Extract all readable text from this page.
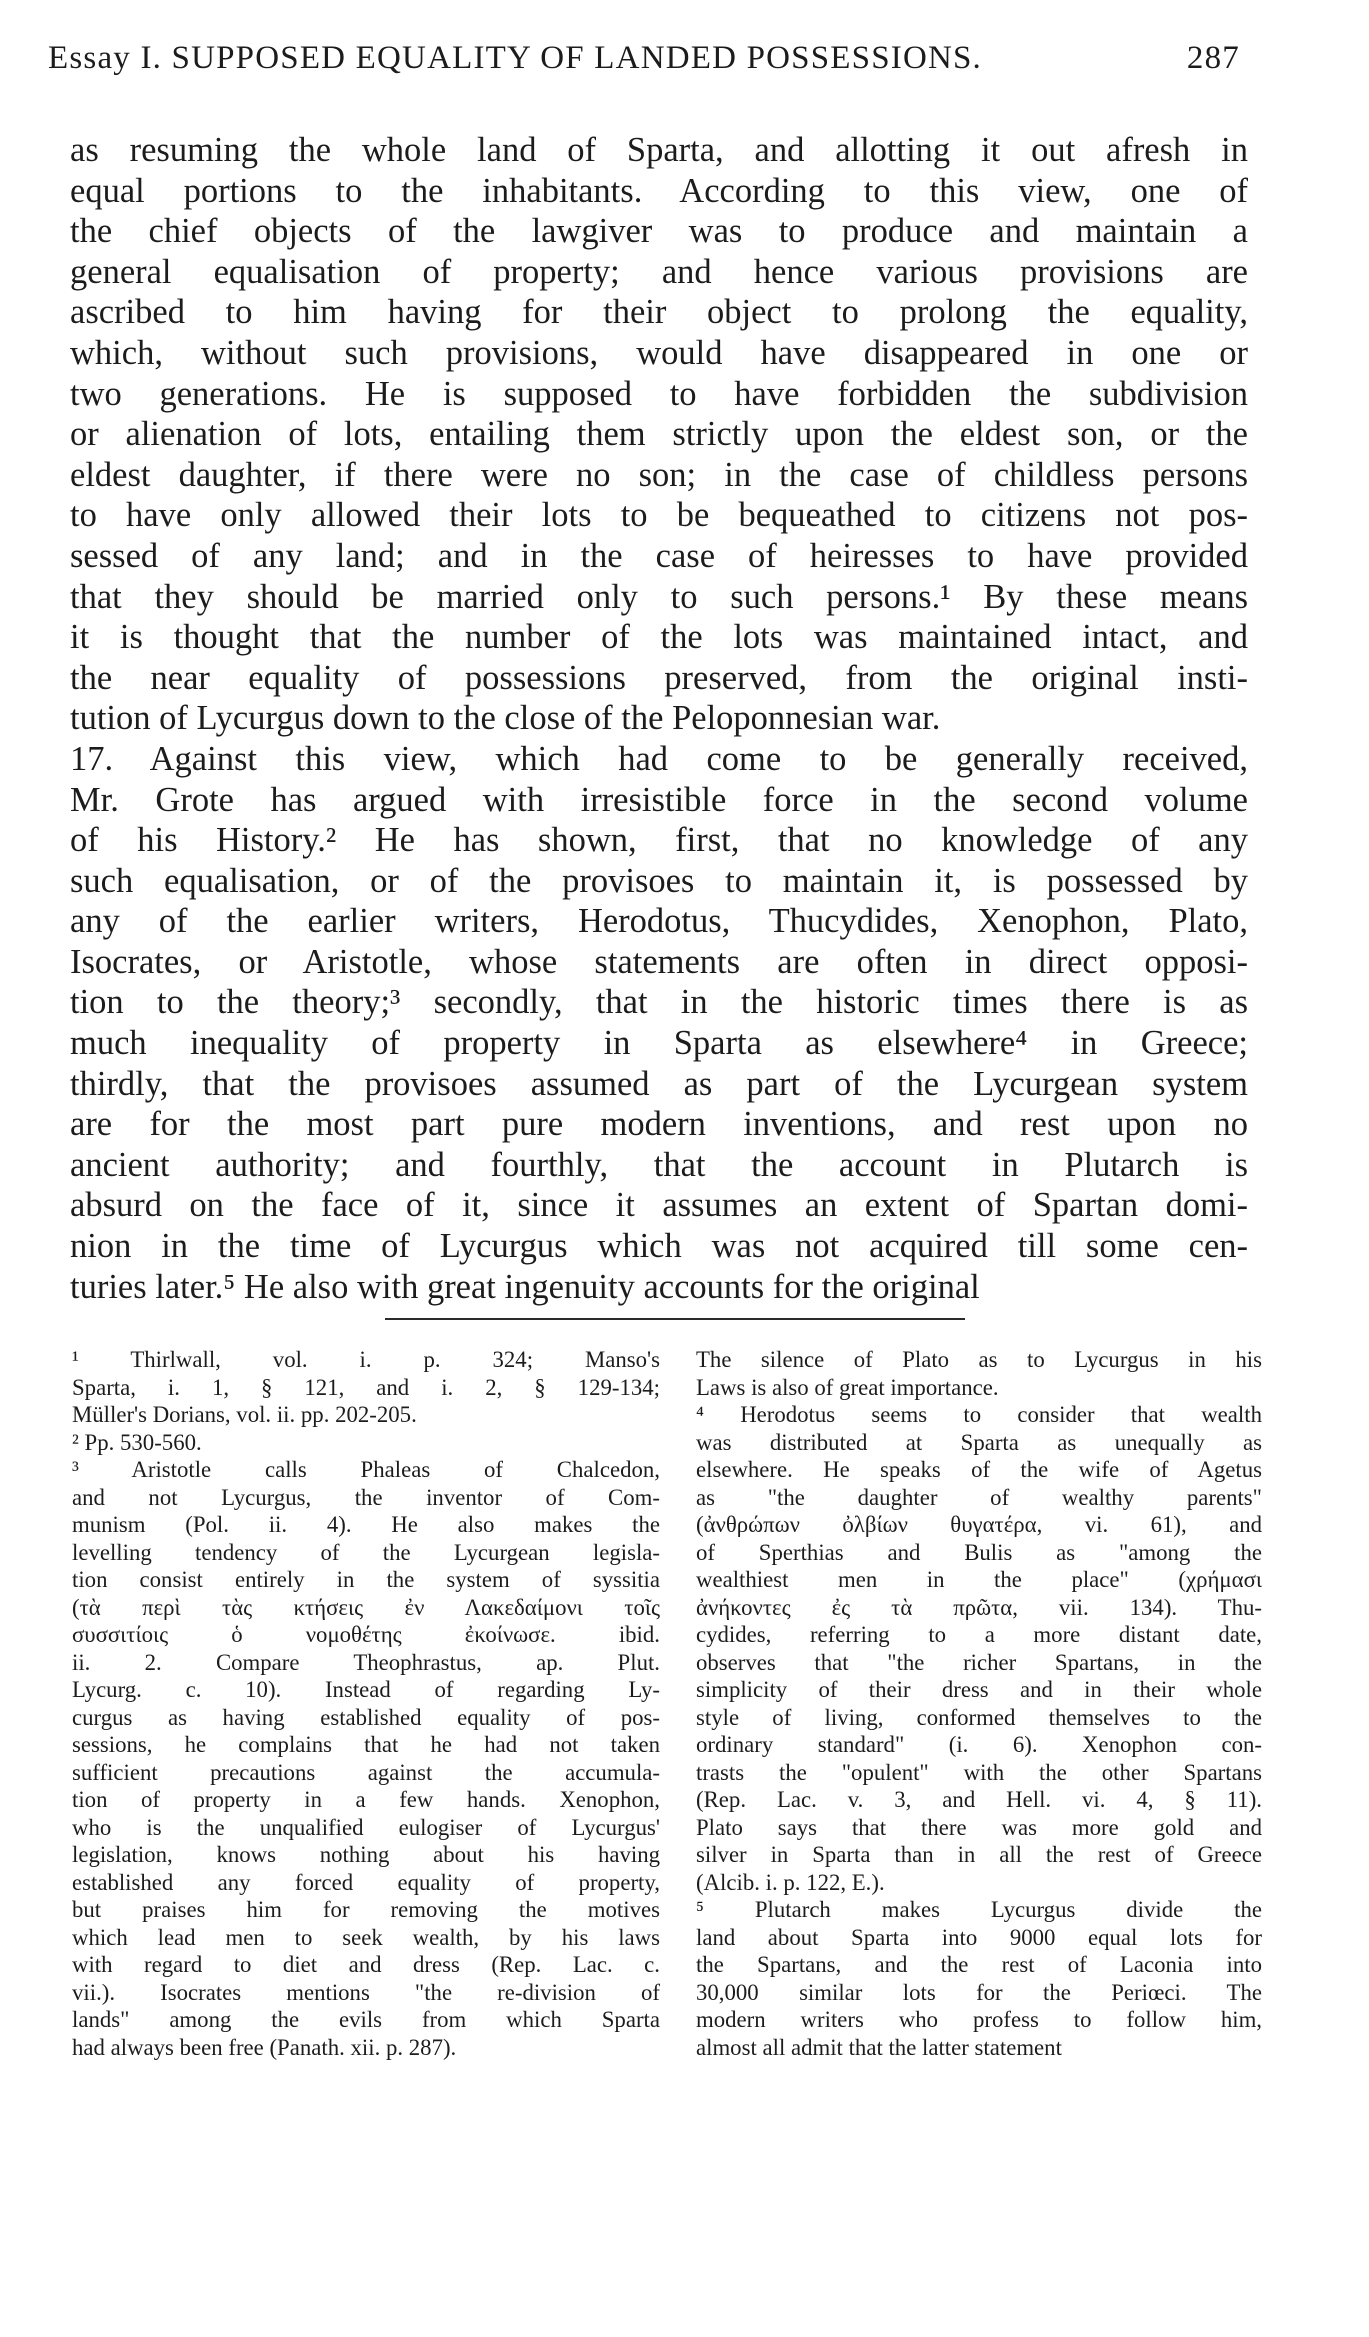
Essay I. SUPPOSED EQUALITY OF LANDED POSSESSIONS.	287
as resuming the whole land of Sparta, and allotting it out afresh in
equal portions to the inhabitants. According to this view, one of
the chief objects of the lawgiver was to produce and maintain a
general equalisation of property; and hence various provisions are
ascribed to him having for their object to prolong the equality,
which, without such provisions, would have disappeared in one or
two generations. He is supposed to have forbidden the subdivision
or alienation of lots, entailing them strictly upon the eldest son, or the
eldest daughter, if there were no son; in the case of childless persons
to have only allowed their lots to be bequeathed to citizens not pos-
sessed of any land; and in the case of heiresses to have provided
that they should be married only to such persons.¹ By these means
it is thought that the number of the lots was maintained intact, and
the near equality of possessions preserved, from the original insti-
tution of Lycurgus down to the close of the Peloponnesian war.
17. Against this view, which had come to be generally received,
Mr. Grote has argued with irresistible force in the second volume
of his History.² He has shown, first, that no knowledge of any
such equalisation, or of the provisoes to maintain it, is possessed by
any of the earlier writers, Herodotus, Thucydides, Xenophon, Plato,
Isocrates, or Aristotle, whose statements are often in direct opposi-
tion to the theory;³ secondly, that in the historic times there is as
much inequality of property in Sparta as elsewhere⁴ in Greece;
thirdly, that the provisoes assumed as part of the Lycurgean system
are for the most part pure modern inventions, and rest upon no
ancient authority; and fourthly, that the account in Plutarch is
absurd on the face of it, since it assumes an extent of Spartan domi-
nion in the time of Lycurgus which was not acquired till some cen-
turies later.⁵ He also with great ingenuity accounts for the original
¹ Thirlwall, vol. i. p. 324; Manso's
Sparta, i. 1, § 121, and i. 2, § 129-134;
Müller's Dorians, vol. ii. pp. 202-205.
² Pp. 530-560.
³ Aristotle calls Phaleas of Chalcedon,
and not Lycurgus, the inventor of Com-
munism (Pol. ii. 4). He also makes the
levelling tendency of the Lycurgean legisla-
tion consist entirely in the system of syssitia
(τὰ περὶ τὰς κτήσεις ἐν Λακεδαίμονι τοῖς
συσσιτίοις ὁ νομοθέτης ἐκοίνωσε. ibid.
ii. 2. Compare Theophrastus, ap. Plut.
Lycurg. c. 10). Instead of regarding Ly-
curgus as having established equality of pos-
sessions, he complains that he had not taken
sufficient precautions against the accumula-
tion of property in a few hands. Xenophon,
who is the unqualified eulogiser of Lycurgus'
legislation, knows nothing about his having
established any forced equality of property,
but praises him for removing the motives
which lead men to seek wealth, by his laws
with regard to diet and dress (Rep. Lac. c.
vii.). Isocrates mentions "the re-division of
lands" among the evils from which Sparta
had always been free (Panath. xii. p. 287).
The silence of Plato as to Lycurgus in his
Laws is also of great importance.
⁴ Herodotus seems to consider that wealth
was distributed at Sparta as unequally as
elsewhere. He speaks of the wife of Agetus
as "the daughter of wealthy parents"
(ἀνθρώπων ὀλβίων θυγατέρα, vi. 61), and
of Sperthias and Bulis as "among the
wealthiest men in the place" (χρήμασι
ἀνήκοντες ἐς τὰ πρῶτα, vii. 134). Thu-
cydides, referring to a more distant date,
observes that "the richer Spartans, in the
simplicity of their dress and in their whole
style of living, conformed themselves to the
ordinary standard" (i. 6). Xenophon con-
trasts the "opulent" with the other Spartans
(Rep. Lac. v. 3, and Hell. vi. 4, § 11).
Plato says that there was more gold and
silver in Sparta than in all the rest of Greece
(Alcib. i. p. 122, E.).
⁵ Plutarch makes Lycurgus divide the
land about Sparta into 9000 equal lots for
the Spartans, and the rest of Laconia into
30,000 similar lots for the Periœci. The
modern writers who profess to follow him,
almost all admit that the latter statement
